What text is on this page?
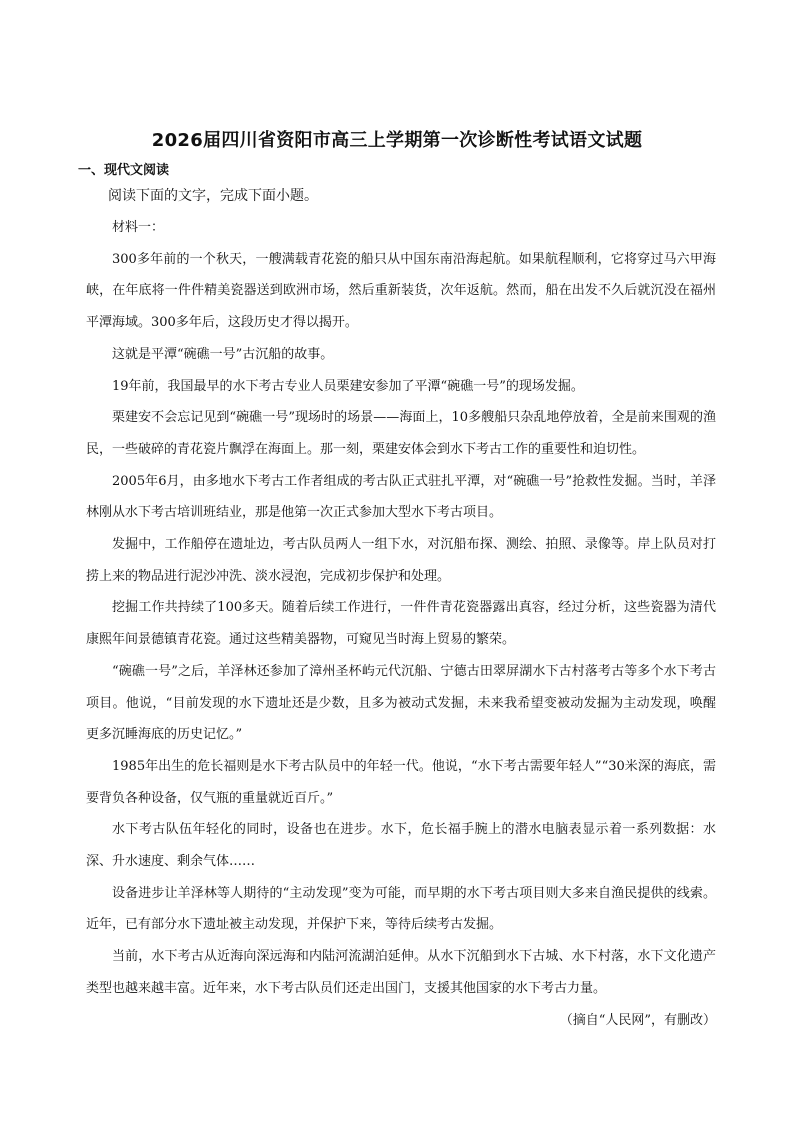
2026届四川省资阳市高三上学期第一次诊断性考试语文试题
一、现代文阅读
阅读下面的文字，完成下面小题。

材料一：

300多年前的一个秋天，一艘满载青花瓷的船只从中国东南沿海起航。如果航程顺利，它将穿过马六甲海峡，在年底将一件件精美瓷器送到欧洲市场，然后重新装货，次年返航。然而，船在出发不久后就沉没在福州平潭海域。300多年后，这段历史才得以揭开。

这就是平潭“碗礁一号”古沉船的故事。

19年前，我国最早的水下考古专业人员栗建安参加了平潭“碗礁一号”的现场发掘。

栗建安不会忘记见到“碗礁一号”现场时的场景——海面上，10多艘船只杂乱地停放着，全是前来围观的渔民，一些破碎的青花瓷片飘浮在海面上。那一刻，栗建安体会到水下考古工作的重要性和迫切性。

2005年6月，由多地水下考古工作者组成的考古队正式驻扎平潭，对“碗礁一号”抢救性发掘。当时，羊泽林刚从水下考古培训班结业，那是他第一次正式参加大型水下考古项目。

发掘中，工作船停在遗址边，考古队员两人一组下水，对沉船布探、测绘、拍照、录像等。岸上队员对打捞上来的物品进行泥沙冲洗、淡水浸泡，完成初步保护和处理。

挖掘工作共持续了100多天。随着后续工作进行，一件件青花瓷器露出真容，经过分析，这些瓷器为清代康熙年间景德镇青花瓷。通过这些精美器物，可窥见当时海上贸易的繁荣。

“碗礁一号”之后，羊泽林还参加了漳州圣杯屿元代沉船、宁德古田翠屏湖水下古村落考古等多个水下考古项目。他说，“目前发现的水下遗址还是少数，且多为被动式发掘，未来我希望变被动发掘为主动发现，唤醒更多沉睡海底的历史记忆。”

1985年出生的危长福则是水下考古队员中的年轻一代。他说，“水下考古需要年轻人”“30米深的海底，需要背负各种设备，仅气瓶的重量就近百斤。”

水下考古队伍年轻化的同时，设备也在进步。水下，危长福手腕上的潜水电脑表显示着一系列数据：水深、升水速度、剩余气体……

设备进步让羊泽林等人期待的“主动发现”变为可能，而早期的水下考古项目则大多来自渔民提供的线索。近年，已有部分水下遗址被主动发现，并保护下来，等待后续考古发掘。

当前，水下考古从近海向深远海和内陆河流湖泊延伸。从水下沉船到水下古城、水下村落，水下文化遗产类型也越来越丰富。近年来，水下考古队员们还走出国门，支援其他国家的水下考古力量。

（摘自“人民网”，有删改）
